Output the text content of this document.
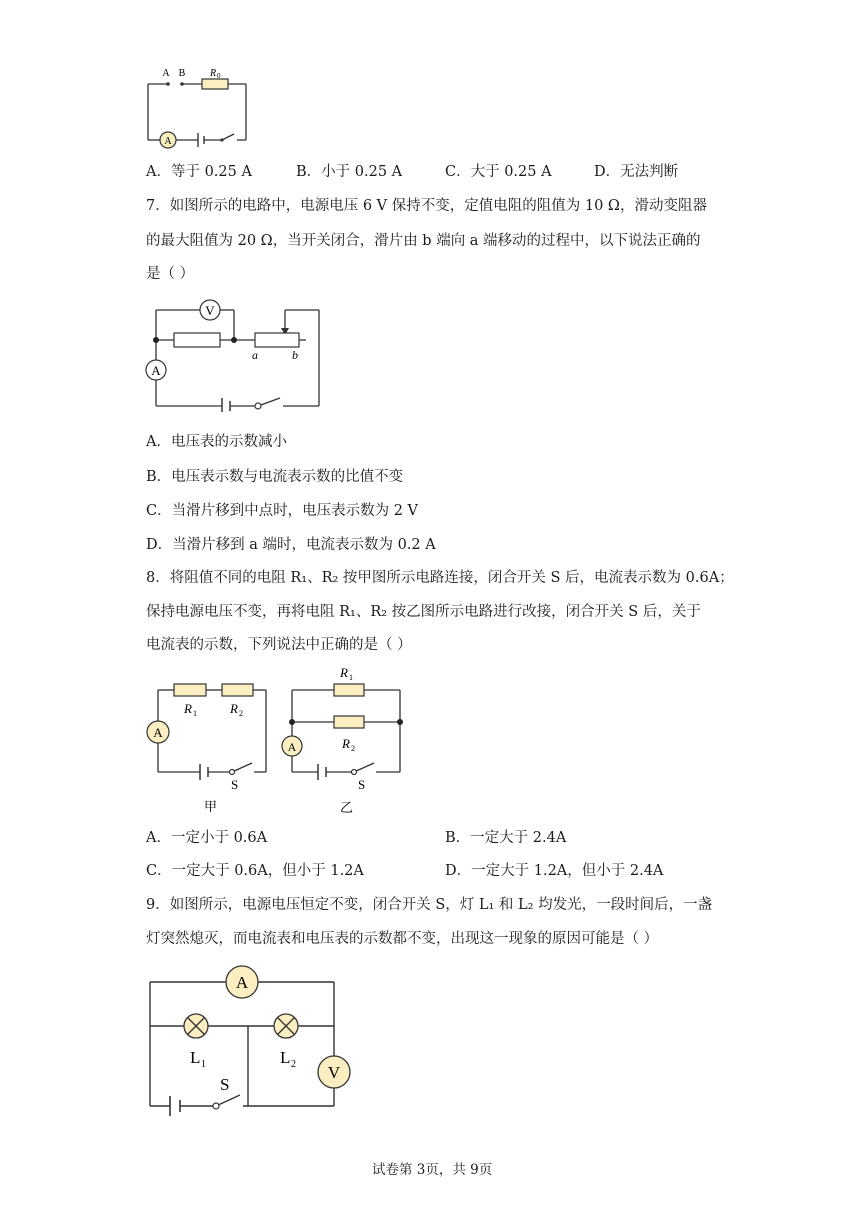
A
A B R 0
A．等于 0.25 A	B．小于 0.25 A	C．大于 0.25 A	D．无法判断
7．如图所示的电路中，电源电压 6 V 保持不变，定值电阻的阻值为 10 Ω，滑动变阻器
的最大阻值为 20 Ω，当开关闭合，滑片由 b 端向 a 端移动的过程中，以下说法正确的
是（ ）
V
A
a	b
A．电压表的示数减小
B．电压表示数与电流表示数的比值不变
C．当滑片移到中点时，电压表示数为 2 V
D．当滑片移到 a 端时，电流表示数为 0.2 A
8．将阻值不同的电阻 R₁、R₂ 按甲图所示电路连接，闭合开关 S 后，电流表示数为 0.6A；
保持电源电压不变，再将电阻 R₁、R₂ 按乙图所示电路进行改接，闭合开关 S 后，关于
电流表的示数，下列说法中正确的是（ ）
A
R 1	R 2
S
甲
A
R 1
R 2
S
乙
A．一定小于 0.6A	B．一定大于 2.4A
C．一定大于 0.6A，但小于 1.2A	D．一定大于 1.2A，但小于 2.4A
9．如图所示，电源电压恒定不变，闭合开关 S，灯 L₁ 和 L₂ 均发光，一段时间后，一盏
灯突然熄灭，而电流表和电压表的示数都不变，出现这一现象的原因可能是（ ）
A
V
L 1	L 2
S
试卷第 3页，共 9页
